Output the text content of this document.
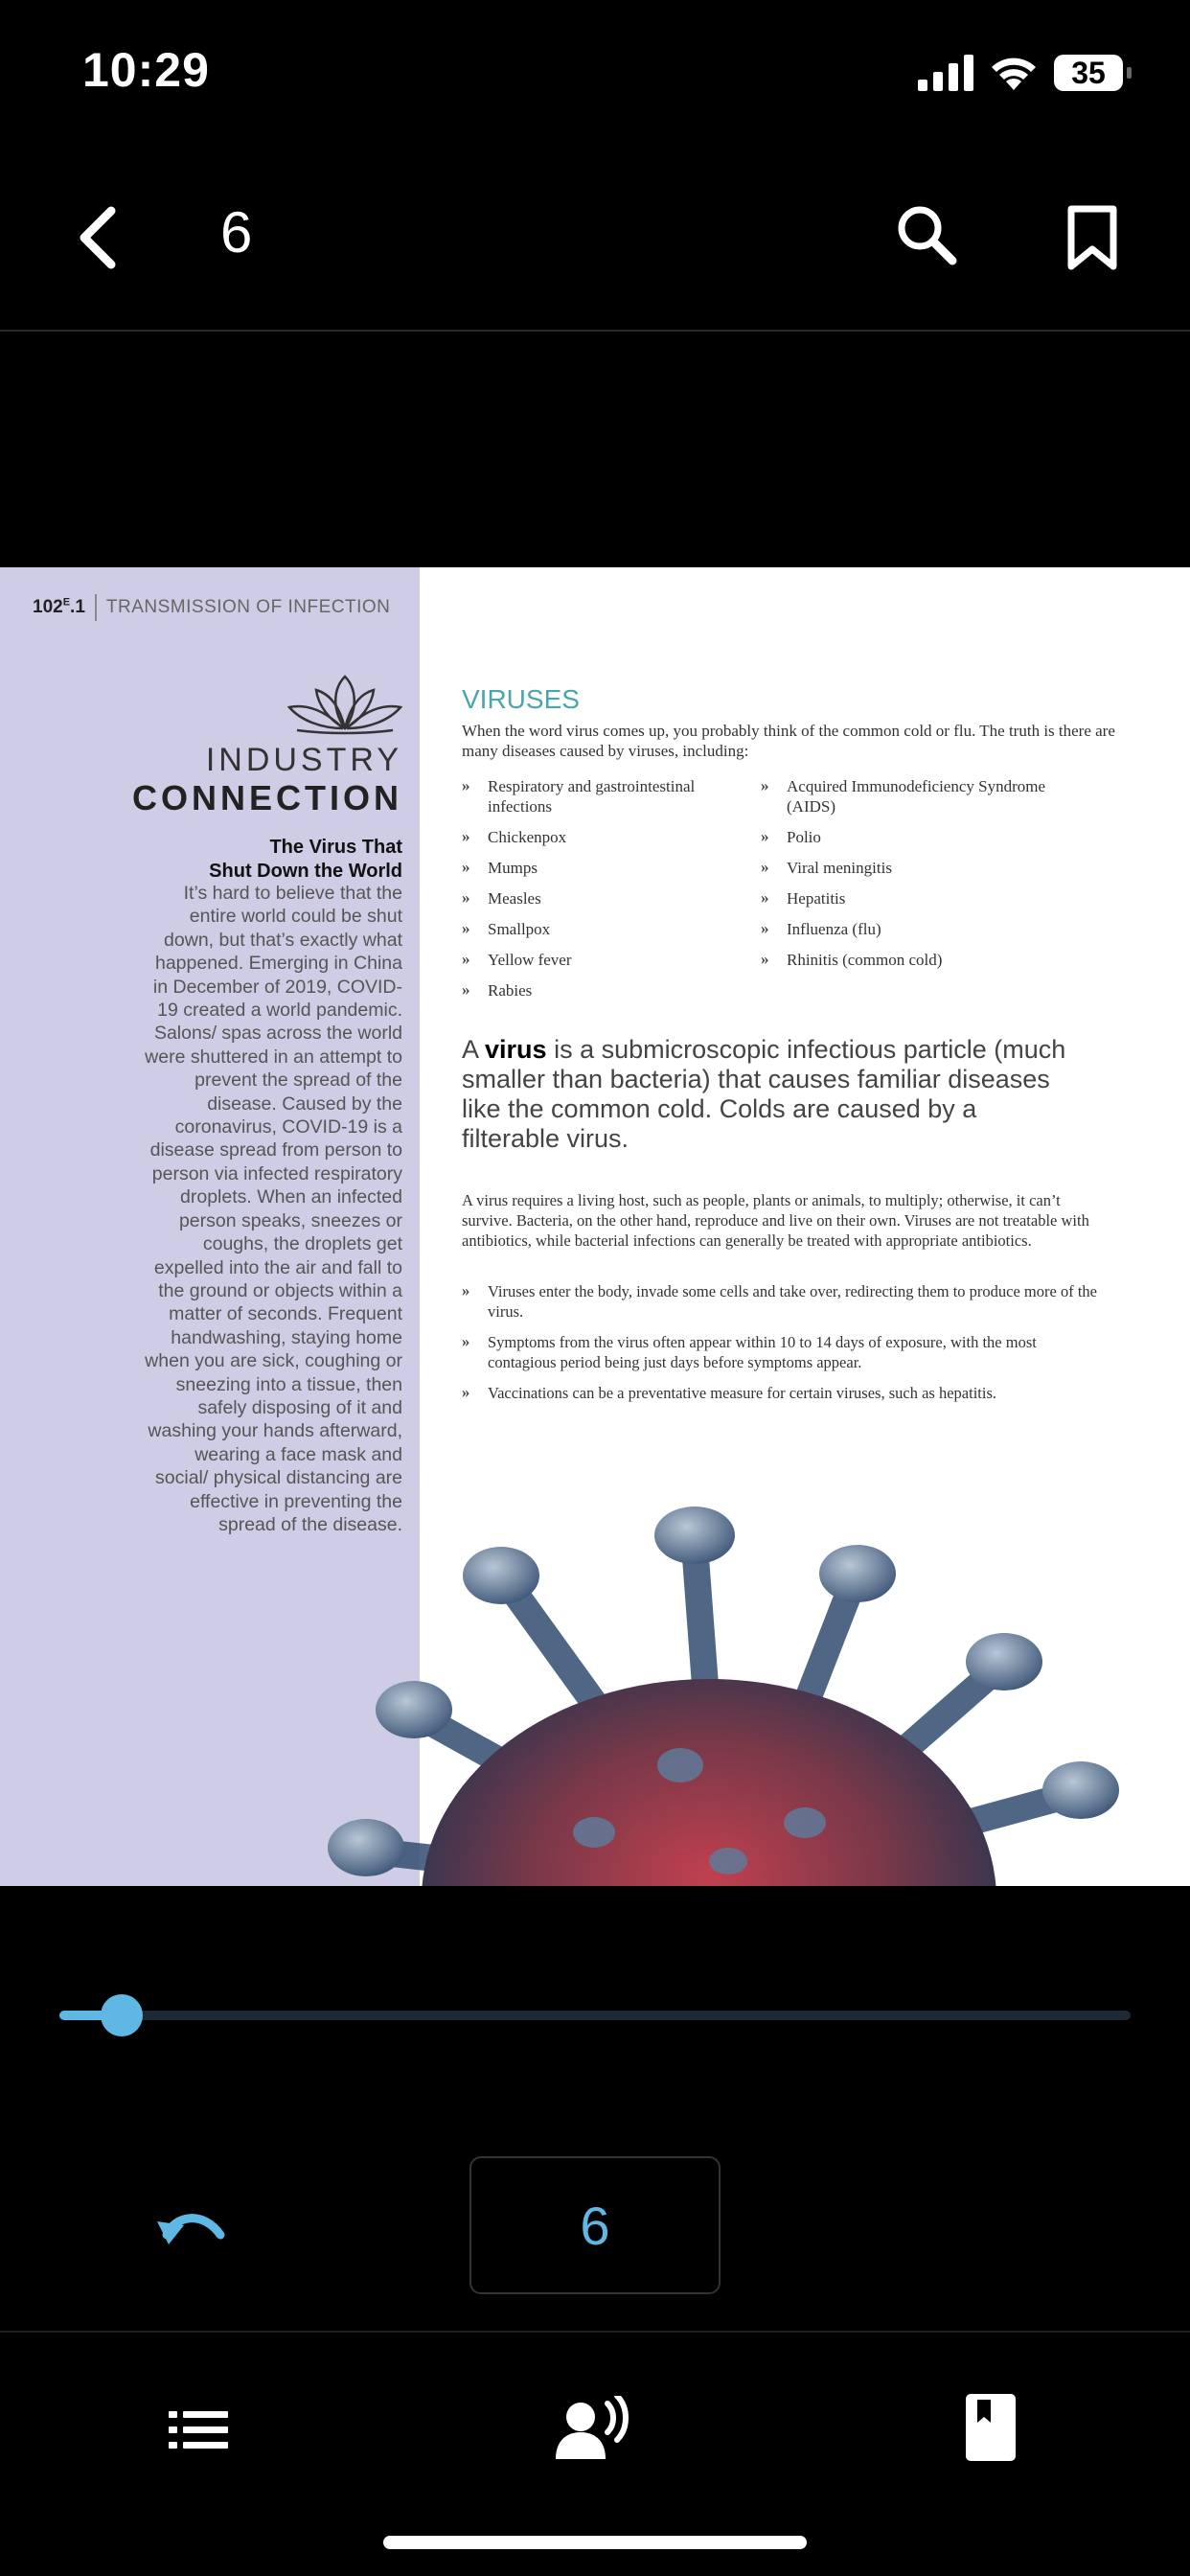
10:29	35
6
$102^E.1$ TRANSMISSION OF INFECTION
INDUSTRY
CONNECTION
The Virus That
Shut Down the World
It’s hard to believe that the entire world could be shut down, but that’s exactly what happened. Emerging in China in December of 2019, COVID-19 created a world pandemic. Salons/ spas across the world were shuttered in an attempt to prevent the spread of the disease. Caused by the coronavirus, COVID-19 is a disease spread from person to person via infected respiratory droplets. When an infected person speaks, sneezes or coughs, the droplets get expelled into the air and fall to the ground or objects within a matter of seconds. Frequent handwashing, staying home when you are sick, coughing or sneezing into a tissue, then safely disposing of it and washing your hands afterward, wearing a face mask and social/ physical distancing are effective in preventing the spread of the disease.
VIRUSES
When the word virus comes up, you probably think of the common cold or flu. The truth is there are many diseases caused by viruses, including:
» Respiratory and gastrointestinal infections
» Chickenpox
» Mumps
» Measles
» Smallpox
» Yellow fever
» Rabies
» Acquired Immunodeficiency Syndrome (AIDS)
» Polio
» Viral meningitis
» Hepatitis
» Influenza (flu)
» Rhinitis (common cold)
A virus is a submicroscopic infectious particle (much smaller than bacteria) that causes familiar diseases like the common cold. Colds are caused by a filterable virus.
A virus requires a living host, such as people, plants or animals, to multiply; otherwise, it can’t survive. Bacteria, on the other hand, reproduce and live on their own. Viruses are not treatable with antibiotics, while bacterial infections can generally be treated with appropriate antibiotics.
» Viruses enter the body, invade some cells and take over, redirecting them to produce more of the virus.
» Symptoms from the virus often appear within 10 to 14 days of exposure, with the most contagious period being just days before symptoms appear.
» Vaccinations can be a preventative measure for certain viruses, such as hepatitis.
6
